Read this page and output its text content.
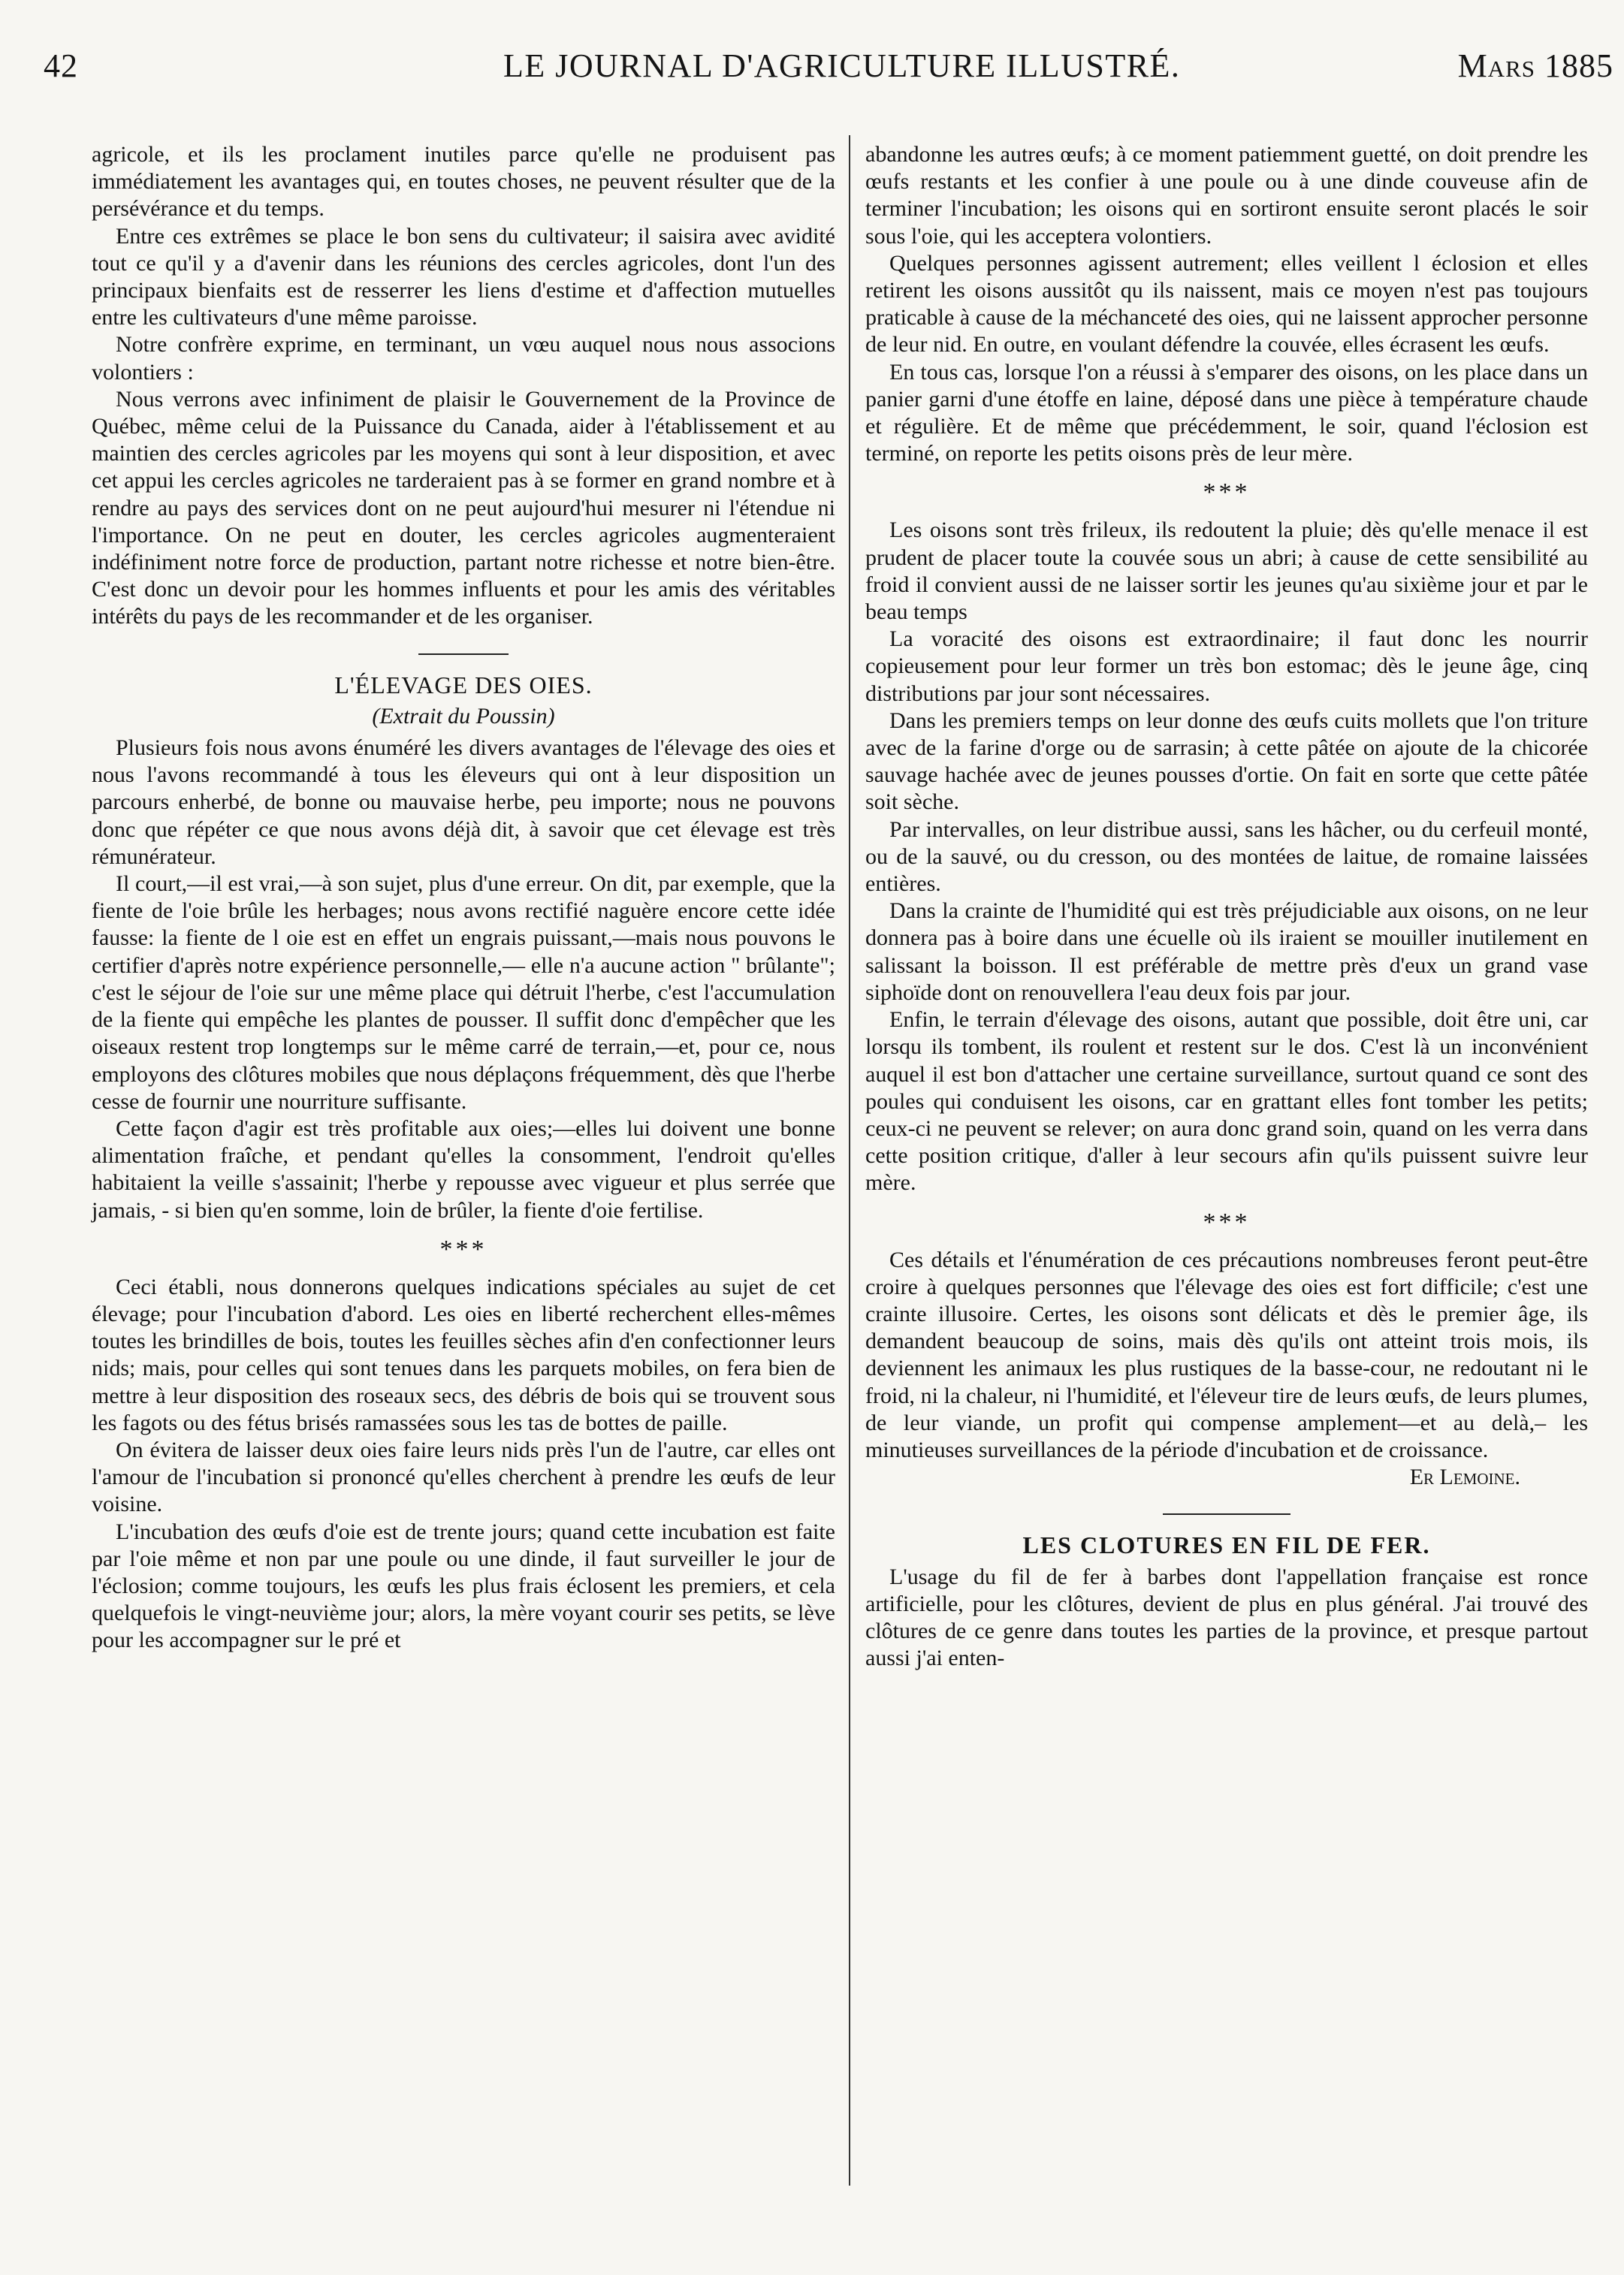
42	LE JOURNAL D'AGRICULTURE ILLUSTRÉ.	Mars 1885

agricole, et ils les proclament inutiles parce qu'elle ne produisent pas immédiatement les avantages qui, en toutes choses, ne peuvent résulter que de la persévérance et du temps.

Entre ces extrêmes se place le bon sens du cultivateur; il saisira avec avidité tout ce qu'il y a d'avenir dans les réunions des cercles agricoles, dont l'un des principaux bienfaits est de resserrer les liens d'estime et d'affection mutuelles entre les cultivateurs d'une même paroisse.

Notre confrère exprime, en terminant, un vœu auquel nous nous associons volontiers :

Nous verrons avec infiniment de plaisir le Gouvernement de la Province de Québec, même celui de la Puissance du Canada, aider à l'établissement et au maintien des cercles agricoles par les moyens qui sont à leur disposition, et avec cet appui les cercles agricoles ne tarderaient pas à se former en grand nombre et à rendre au pays des services dont on ne peut aujourd'hui mesurer ni l'étendue ni l'importance. On ne peut en douter, les cercles agricoles augmenteraient indéfiniment notre force de production, partant notre richesse et notre bien-être. C'est donc un devoir pour les hommes influents et pour les amis des véritables intérêts du pays de les recommander et de les organiser.

L'ÉLEVAGE DES OIES.
(Extrait du Poussin)

Plusieurs fois nous avons énuméré les divers avantages de l'élevage des oies et nous l'avons recommandé à tous les éleveurs qui ont à leur disposition un parcours enherbé, de bonne ou mauvaise herbe, peu importe; nous ne pouvons donc que répéter ce que nous avons déjà dit, à savoir que cet élevage est très rémunérateur.

Il court,—il est vrai,—à son sujet, plus d'une erreur. On dit, par exemple, que la fiente de l'oie brûle les herbages; nous avons rectifié naguère encore cette idée fausse: la fiente de l oie est en effet un engrais puissant,—mais nous pouvons le certifier d'après notre expérience personnelle,— elle n'a aucune action " brûlante"; c'est le séjour de l'oie sur une même place qui détruit l'herbe, c'est l'accumulation de la fiente qui empêche les plantes de pousser. Il suffit donc d'empêcher que les oiseaux restent trop longtemps sur le même carré de terrain,—et, pour ce, nous employons des clôtures mobiles que nous déplaçons fréquemment, dès que l'herbe cesse de fournir une nourriture suffisante.

Cette façon d'agir est très profitable aux oies;—elles lui doivent une bonne alimentation fraîche, et pendant qu'elles la consomment, l'endroit qu'elles habitaient la veille s'assainit; l'herbe y repousse avec vigueur et plus serrée que jamais, - si bien qu'en somme, loin de brûler, la fiente d'oie fertilise.

***

Ceci établi, nous donnerons quelques indications spéciales au sujet de cet élevage; pour l'incubation d'abord. Les oies en liberté recherchent elles-mêmes toutes les brindilles de bois, toutes les feuilles sèches afin d'en confectionner leurs nids; mais, pour celles qui sont tenues dans les parquets mobiles, on fera bien de mettre à leur disposition des roseaux secs, des débris de bois qui se trouvent sous les fagots ou des fétus brisés ramassées sous les tas de bottes de paille.

On évitera de laisser deux oies faire leurs nids près l'un de l'autre, car elles ont l'amour de l'incubation si prononcé qu'elles cherchent à prendre les œufs de leur voisine.

L'incubation des œufs d'oie est de trente jours; quand cette incubation est faite par l'oie même et non par une poule ou une dinde, il faut surveiller le jour de l'éclosion; comme toujours, les œufs les plus frais éclosent les premiers, et cela quelquefois le vingt-neuvième jour; alors, la mère voyant courir ses petits, se lève pour les accompagner sur le pré et

abandonne les autres œufs; à ce moment patiemment guetté, on doit prendre les œufs restants et les confier à une poule ou à une dinde couveuse afin de terminer l'incubation; les oisons qui en sortiront ensuite seront placés le soir sous l'oie, qui les acceptera volontiers.

Quelques personnes agissent autrement; elles veillent l éclosion et elles retirent les oisons aussitôt qu ils naissent, mais ce moyen n'est pas toujours praticable à cause de la méchanceté des oies, qui ne laissent approcher personne de leur nid. En outre, en voulant défendre la couvée, elles écrasent les œufs.

En tous cas, lorsque l'on a réussi à s'emparer des oisons, on les place dans un panier garni d'une étoffe en laine, déposé dans une pièce à température chaude et régulière. Et de même que précédemment, le soir, quand l'éclosion est terminé, on reporte les petits oisons près de leur mère.

***

Les oisons sont très frileux, ils redoutent la pluie; dès qu'elle menace il est prudent de placer toute la couvée sous un abri; à cause de cette sensibilité au froid il convient aussi de ne laisser sortir les jeunes qu'au sixième jour et par le beau temps

La voracité des oisons est extraordinaire; il faut donc les nourrir copieusement pour leur former un très bon estomac; dès le jeune âge, cinq distributions par jour sont nécessaires.

Dans les premiers temps on leur donne des œufs cuits mollets que l'on triture avec de la farine d'orge ou de sarrasin; à cette pâtée on ajoute de la chicorée sauvage hachée avec de jeunes pousses d'ortie. On fait en sorte que cette pâtée soit sèche.

Par intervalles, on leur distribue aussi, sans les hâcher, ou du cerfeuil monté, ou de la sauvé, ou du cresson, ou des montées de laitue, de romaine laissées entières.

Dans la crainte de l'humidité qui est très préjudiciable aux oisons, on ne leur donnera pas à boire dans une écuelle où ils iraient se mouiller inutilement en salissant la boisson. Il est préférable de mettre près d'eux un grand vase siphoïde dont on renouvellera l'eau deux fois par jour.

Enfin, le terrain d'élevage des oisons, autant que possible, doit être uni, car lorsqu ils tombent, ils roulent et restent sur le dos. C'est là un inconvénient auquel il est bon d'attacher une certaine surveillance, surtout quand ce sont des poules qui conduisent les oisons, car en grattant elles font tomber les petits; ceux-ci ne peuvent se relever; on aura donc grand soin, quand on les verra dans cette position critique, d'aller à leur secours afin qu'ils puissent suivre leur mère.

***

Ces détails et l'énumération de ces précautions nombreuses feront peut-être croire à quelques personnes que l'élevage des oies est fort difficile; c'est une crainte illusoire. Certes, les oisons sont délicats et dès le premier âge, ils demandent beaucoup de soins, mais dès qu'ils ont atteint trois mois, ils deviennent les animaux les plus rustiques de la basse-cour, ne redoutant ni le froid, ni la chaleur, ni l'humidité, et l'éleveur tire de leurs œufs, de leurs plumes, de leur viande, un profit qui compense amplement—et au delà,– les minutieuses surveillances de la période d'incubation et de croissance.

Er Lemoine.
LES CLOTURES EN FIL DE FER.

L'usage du fil de fer à barbes dont l'appellation française est ronce artificielle, pour les clôtures, devient de plus en plus général. J'ai trouvé des clôtures de ce genre dans toutes les parties de la province, et presque partout aussi j'ai enten-
